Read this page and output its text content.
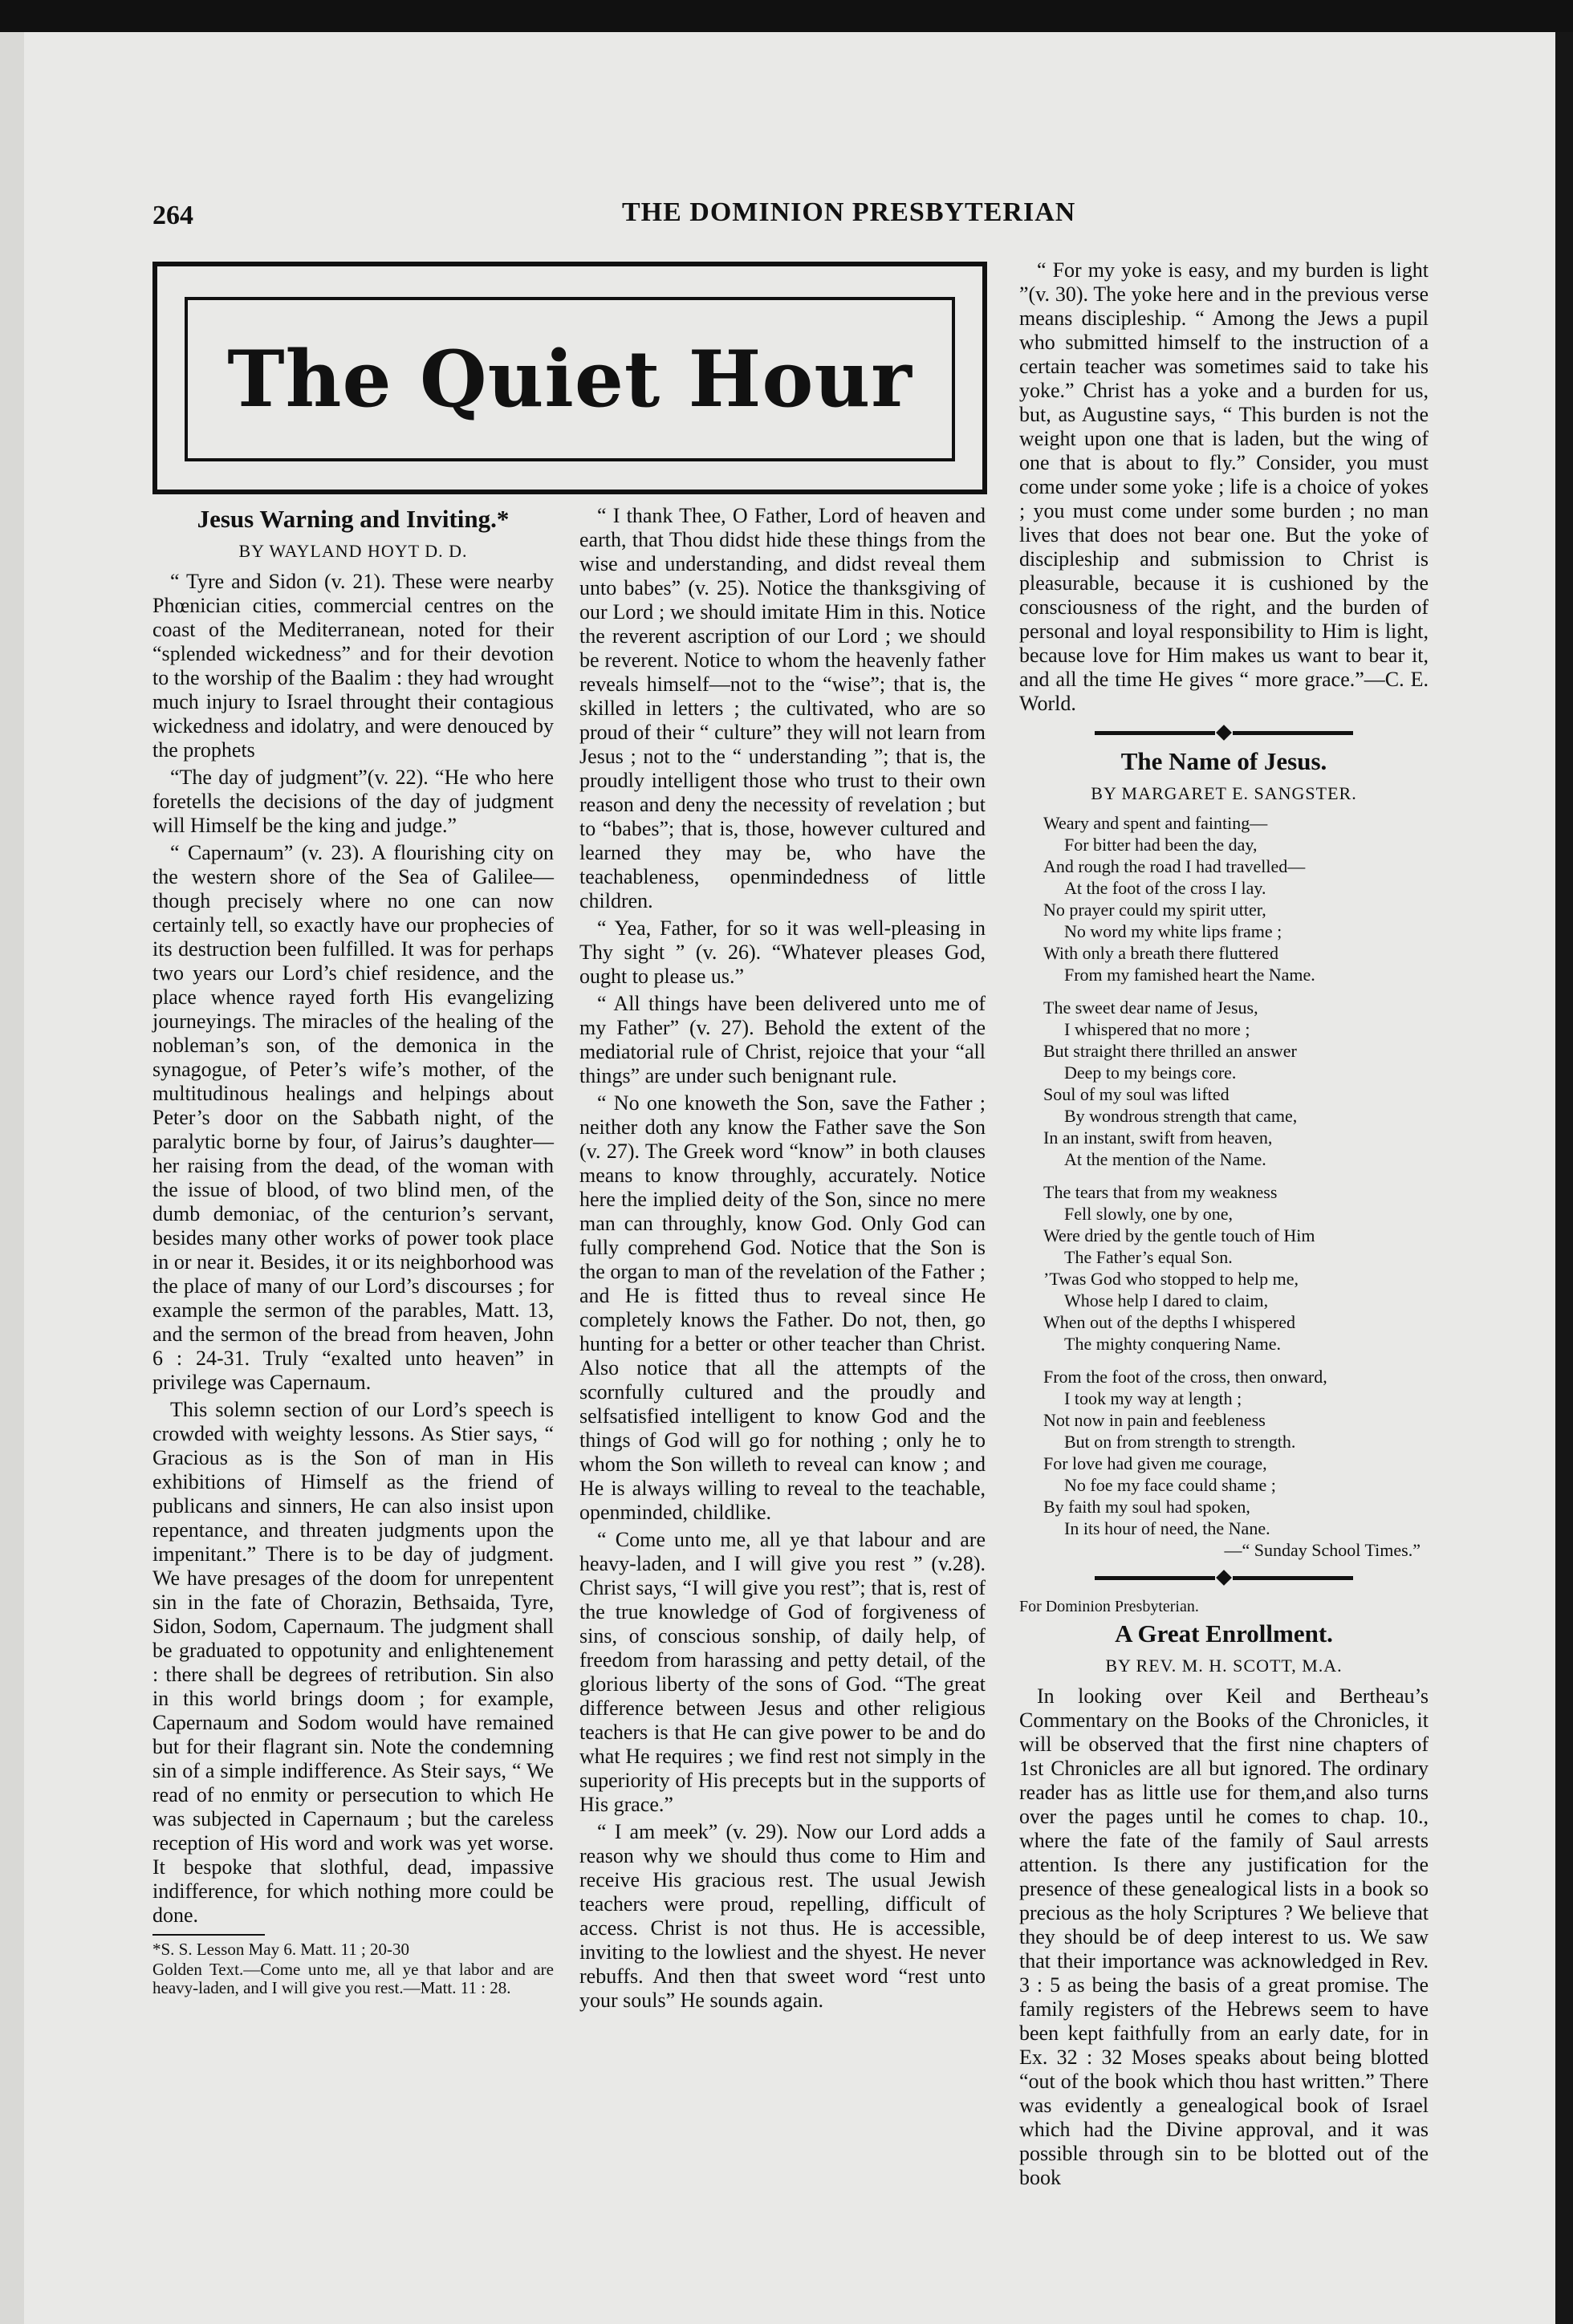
264	THE DOMINION PRESBYTERIAN
The Quiet Hour
Jesus Warning and Inviting.*
BY WAYLAND HOYT D. D.

“ Tyre and Sidon (v. 21). These were nearby Phœnician cities, commercial centres on the coast of the Mediterranean, noted for their “splended wickedness” and for their devotion to the worship of the Baalim : they had wrought much injury to Israel throught their contagious wickedness and idolatry, and were denouced by the prophets

“The day of judgment”(v. 22). “He who here foretells the decisions of the day of judgment will Himself be the king and judge.”

“ Capernaum” (v. 23). A flourishing city on the western shore of the Sea of Galilee—though precisely where no one can now certainly tell, so exactly have our prophecies of its destruction been fulfilled. It was for perhaps two years our Lord’s chief residence, and the place whence rayed forth His evangelizing journeyings. The miracles of the healing of the nobleman’s son, of the demonica in the synagogue, of Peter’s wife’s mother, of the multitudinous healings and helpings about Peter’s door on the Sabbath night, of the paralytic borne by four, of Jairus’s daughter—her raising from the dead, of the woman with the issue of blood, of two blind men, of the dumb demoniac, of the centurion’s servant, besides many other works of power took place in or near it. Besides, it or its neighborhood was the place of many of our Lord’s discourses ; for example the sermon of the parables, Matt. 13, and the sermon of the bread from heaven, John 6 : 24-31. Truly “exalted unto heaven” in privilege was Capernaum.

This solemn section of our Lord’s speech is crowded with weighty lessons. As Stier says, “ Gracious as is the Son of man in His exhibitions of Himself as the friend of publicans and sinners, He can also insist upon repentance, and threaten judgments upon the impenitant.” There is to be day of judgment. We have presages of the doom for unrepentent sin in the fate of Chorazin, Bethsaida, Tyre, Sidon, Sodom, Capernaum. The judgment shall be graduated to oppotunity and enlightenement : there shall be degrees of retribution. Sin also in this world brings doom ; for example, Capernaum and Sodom would have remained but for their flagrant sin. Note the condemning sin of a simple indifference. As Steir says, “ We read of no enmity or persecution to which He was subjected in Capernaum ; but the careless reception of His word and work was yet worse. It bespoke that slothful, dead, impassive indifference, for which nothing more could be done.

*S. S. Lesson May 6. Matt. 11 ; 20-30

Golden Text.—Come unto me, all ye that labor and are heavy-laden, and I will give you rest.—Matt. 11 : 28.

“ I thank Thee, O Father, Lord of heaven and earth, that Thou didst hide these things from the wise and understanding, and didst reveal them unto babes” (v. 25). Notice the thanksgiving of our Lord ; we should imitate Him in this. Notice the reverent ascription of our Lord ; we should be reverent. Notice to whom the heavenly father reveals himself—not to the “wise”; that is, the skilled in letters ; the cultivated, who are so proud of their “ culture” they will not learn from Jesus ; not to the “ understanding ”; that is, the proudly intelligent those who trust to their own reason and deny the necessity of revelation ; but to “babes”; that is, those, however cultured and learned they may be, who have the teachableness, openmindedness of little children.

“ Yea, Father, for so it was well-pleasing in Thy sight ” (v. 26). “Whatever pleases God, ought to please us.”

“ All things have been delivered unto me of my Father” (v. 27). Behold the extent of the mediatorial rule of Christ, rejoice that your “all things” are under such benignant rule.

“ No one knoweth the Son, save the Father ; neither doth any know the Father save the Son (v. 27). The Greek word “know” in both clauses means to know throughly, accurately. Notice here the implied deity of the Son, since no mere man can throughly, know God. Only God can fully comprehend God. Notice that the Son is the organ to man of the revelation of the Father ; and He is fitted thus to reveal since He completely knows the Father. Do not, then, go hunting for a better or other teacher than Christ. Also notice that all the attempts of the scornfully cultured and the proudly and selfsatisfied intelligent to know God and the things of God will go for nothing ; only he to whom the Son willeth to reveal can know ; and He is always willing to reveal to the teachable, openminded, childlike.

“ Come unto me, all ye that labour and are heavy-laden, and I will give you rest ” (v.28). Christ says, “I will give you rest”; that is, rest of the true knowledge of God of forgiveness of sins, of conscious sonship, of daily help, of freedom from harassing and petty detail, of the glorious liberty of the sons of God. “The great difference between Jesus and other religious teachers is that He can give power to be and do what He requires ; we find rest not simply in the superiority of His precepts but in the supports of His grace.”

“ I am meek” (v. 29). Now our Lord adds a reason why we should thus come to Him and receive His gracious rest. The usual Jewish teachers were proud, repelling, difficult of access. Christ is not thus. He is accessible, inviting to the lowliest and the shyest. He never rebuffs. And then that sweet word “rest unto your souls” He sounds again.

“ For my yoke is easy, and my burden is light ”(v. 30). The yoke here and in the previous verse means discipleship. “ Among the Jews a pupil who submitted himself to the instruction of a certain teacher was sometimes said to take his yoke.” Christ has a yoke and a burden for us, but, as Augustine says, “ This burden is not the weight upon one that is laden, but the wing of one that is about to fly.” Consider, you must come under some yoke ; life is a choice of yokes ; you must come under some burden ; no man lives that does not bear one. But the yoke of discipleship and submission to Christ is pleasurable, because it is cushioned by the consciousness of the right, and the burden of personal and loyal responsibility to Him is light, because love for Him makes us want to bear it, and all the time He gives “ more grace.”—C. E. World.

The Name of Jesus.
BY MARGARET E. SANGSTER.
Weary and spent and fainting—
For bitter had been the day,
And rough the road I had travelled—
At the foot of the cross I lay.
No prayer could my spirit utter,
No word my white lips frame ;
With only a breath there fluttered
From my famished heart the Name.
The sweet dear name of Jesus,
I whispered that no more ;
But straight there thrilled an answer
Deep to my beings core.
Soul of my soul was lifted
By wondrous strength that came,
In an instant, swift from heaven,
At the mention of the Name.
The tears that from my weakness
Fell slowly, one by one,
Were dried by the gentle touch of Him
The Father’s equal Son.
’Twas God who stopped to help me,
Whose help I dared to claim,
When out of the depths I whispered
The mighty conquering Name.
From the foot of the cross, then onward,
I took my way at length ;
Not now in pain and feebleness
But on from strength to strength.
For love had given me courage,
No foe my face could shame ;
By faith my soul had spoken,
In its hour of need, the Nane.
—“ Sunday School Times.”
For Dominion Presbyterian.
A Great Enrollment.
BY REV. M. H. SCOTT, M.A.

In looking over Keil and Bertheau’s Commentary on the Books of the Chronicles, it will be observed that the first nine chapters of 1st Chronicles are all but ignored. The ordinary reader has as little use for them,and also turns over the pages until he comes to chap. 10., where the fate of the family of Saul arrests attention. Is there any justification for the presence of these genealogical lists in a book so precious as the holy Scriptures ? We believe that they should be of deep interest to us. We saw that their importance was acknowledged in Rev. 3 : 5 as being the basis of a great promise. The family registers of the Hebrews seem to have been kept faithfully from an early date, for in Ex. 32 : 32 Moses speaks about being blotted “out of the book which thou hast written.” There was evidently a genealogical book of Israel which had the Divine approval, and it was possible through sin to be blotted out of the book
